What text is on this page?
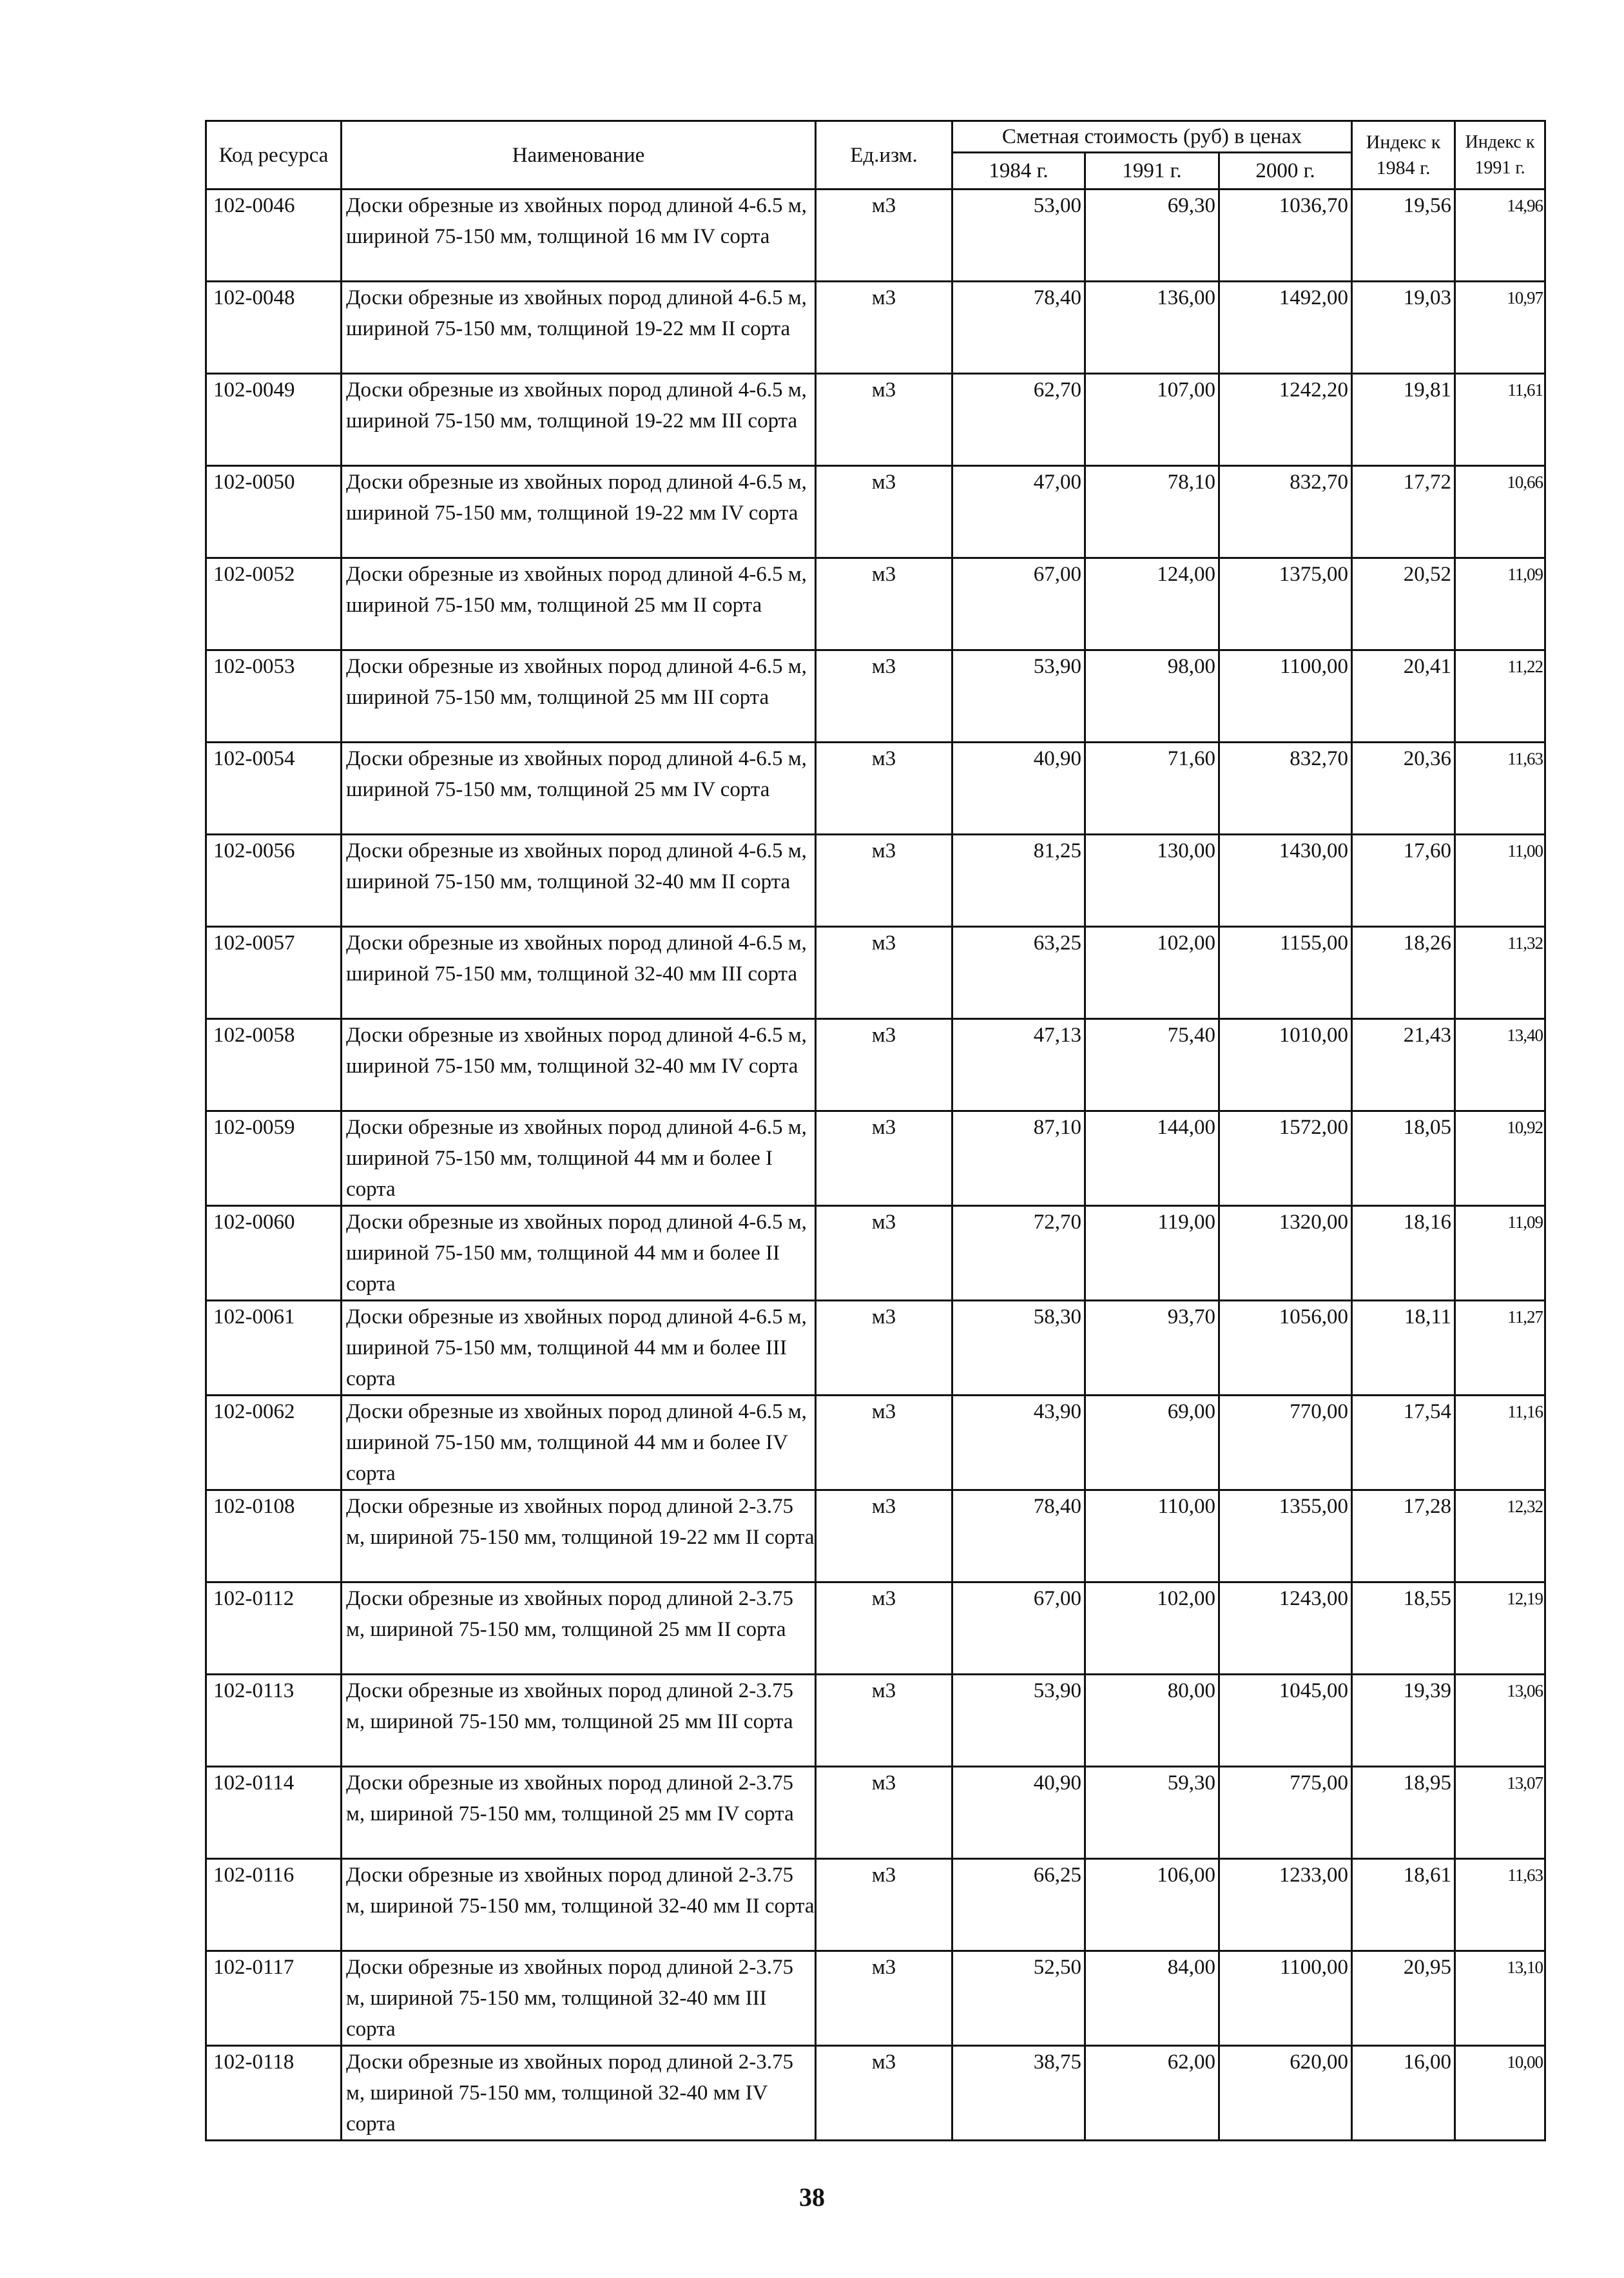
Код ресурса	Наименование	Ед.изм.	Сметная стоимость (руб) в ценах			Индекс к 1984 г.	Индекс к 1991 г.
			1984 г.	1991 г.	2000 г.		
102-0046	Доски обрезные из хвойных пород длиной 4-6.5 м, шириной 75-150 мм, толщиной 16 мм IV сорта	м3	53,00	69,30	1036,70	19,56	14,96
102-0048	Доски обрезные из хвойных пород длиной 4-6.5 м, шириной 75-150 мм, толщиной 19-22 мм II сорта	м3	78,40	136,00	1492,00	19,03	10,97
102-0049	Доски обрезные из хвойных пород длиной 4-6.5 м, шириной 75-150 мм, толщиной 19-22 мм III сорта	м3	62,70	107,00	1242,20	19,81	11,61
102-0050	Доски обрезные из хвойных пород длиной 4-6.5 м, шириной 75-150 мм, толщиной 19-22 мм IV сорта	м3	47,00	78,10	832,70	17,72	10,66
102-0052	Доски обрезные из хвойных пород длиной 4-6.5 м, шириной 75-150 мм, толщиной 25 мм II сорта	м3	67,00	124,00	1375,00	20,52	11,09
102-0053	Доски обрезные из хвойных пород длиной 4-6.5 м, шириной 75-150 мм, толщиной 25 мм III сорта	м3	53,90	98,00	1100,00	20,41	11,22
102-0054	Доски обрезные из хвойных пород длиной 4-6.5 м, шириной 75-150 мм, толщиной 25 мм IV сорта	м3	40,90	71,60	832,70	20,36	11,63
102-0056	Доски обрезные из хвойных пород длиной 4-6.5 м, шириной 75-150 мм, толщиной 32-40 мм II сорта	м3	81,25	130,00	1430,00	17,60	11,00
102-0057	Доски обрезные из хвойных пород длиной 4-6.5 м, шириной 75-150 мм, толщиной 32-40 мм III сорта	м3	63,25	102,00	1155,00	18,26	11,32
102-0058	Доски обрезные из хвойных пород длиной 4-6.5 м, шириной 75-150 мм, толщиной 32-40 мм IV сорта	м3	47,13	75,40	1010,00	21,43	13,40
102-0059	Доски обрезные из хвойных пород длиной 4-6.5 м, шириной 75-150 мм, толщиной 44 мм и более I сорта	м3	87,10	144,00	1572,00	18,05	10,92
102-0060	Доски обрезные из хвойных пород длиной 4-6.5 м, шириной 75-150 мм, толщиной 44 мм и более II сорта	м3	72,70	119,00	1320,00	18,16	11,09
102-0061	Доски обрезные из хвойных пород длиной 4-6.5 м, шириной 75-150 мм, толщиной 44 мм и более III сорта	м3	58,30	93,70	1056,00	18,11	11,27
102-0062	Доски обрезные из хвойных пород длиной 4-6.5 м, шириной 75-150 мм, толщиной 44 мм и более IV сорта	м3	43,90	69,00	770,00	17,54	11,16
102-0108	Доски обрезные из хвойных пород длиной 2-3.75 м, шириной 75-150 мм, толщиной 19-22 мм II сорта	м3	78,40	110,00	1355,00	17,28	12,32
102-0112	Доски обрезные из хвойных пород длиной 2-3.75 м, шириной 75-150 мм, толщиной 25 мм II сорта	м3	67,00	102,00	1243,00	18,55	12,19
102-0113	Доски обрезные из хвойных пород длиной 2-3.75 м, шириной 75-150 мм, толщиной 25 мм III сорта	м3	53,90	80,00	1045,00	19,39	13,06
102-0114	Доски обрезные из хвойных пород длиной 2-3.75 м, шириной 75-150 мм, толщиной 25 мм IV сорта	м3	40,90	59,30	775,00	18,95	13,07
102-0116	Доски обрезные из хвойных пород длиной 2-3.75 м, шириной 75-150 мм, толщиной 32-40 мм II сорта	м3	66,25	106,00	1233,00	18,61	11,63
102-0117	Доски обрезные из хвойных пород длиной 2-3.75 м, шириной 75-150 мм, толщиной 32-40 мм III сорта	м3	52,50	84,00	1100,00	20,95	13,10
102-0118	Доски обрезные из хвойных пород длиной 2-3.75 м, шириной 75-150 мм, толщиной 32-40 мм IV сорта	м3	38,75	62,00	620,00	16,00	10,00
38
